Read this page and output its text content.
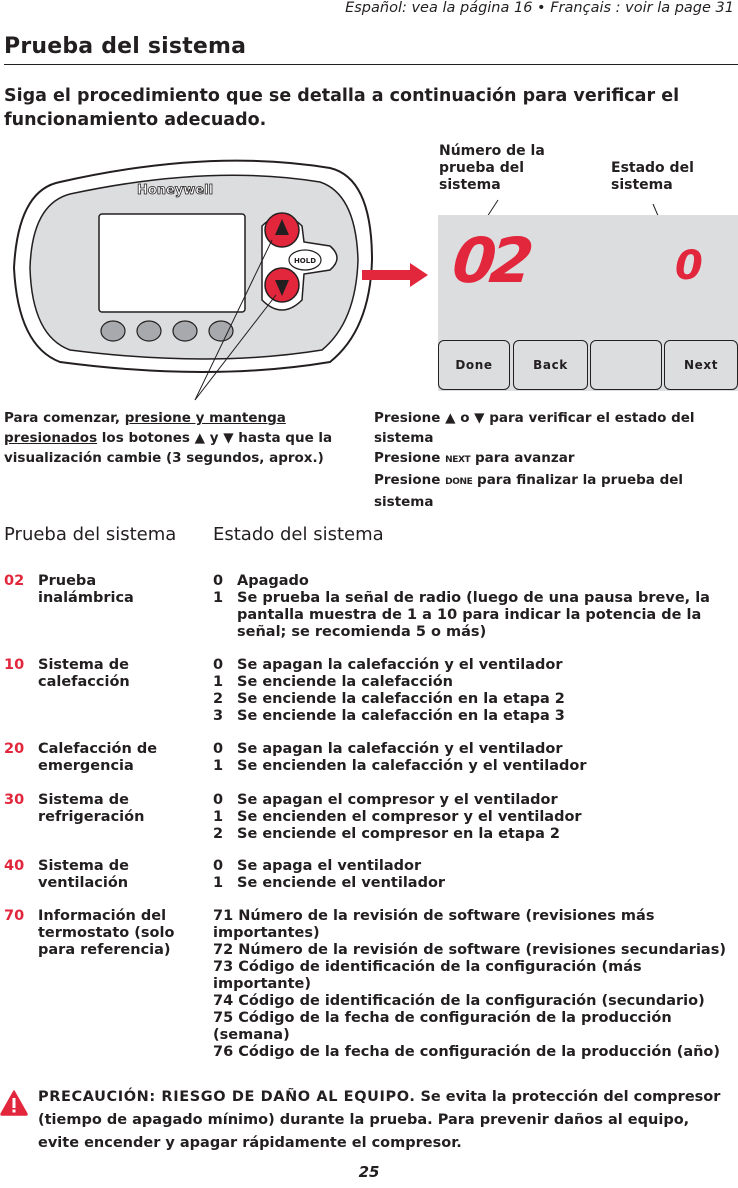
Español: vea la página 16 • Français : voir la page 31
Prueba del sistema
Siga el procedimiento que se detalla a continuación para verificar el funcionamiento adecuado.
Honeywell
HOLD
Número de la prueba del sistema
Estado del sistema
02	0
Done	Back	Next
Para comenzar, presione y mantenga
presionados los botones ▲ y ▼ hasta que la visualización cambie (3 segundos, aprox.)
Presione ▲ o ▼ para verificar el estado del sistema
Presione NEXT para avanzar
Presione DONE para finalizar la prueba del sistema
Prueba del sistema Estado del sistema
02 Prueba inalámbrica
0 Apagado
1 Se prueba la señal de radio (luego de una pausa breve, la pantalla muestra de 1 a 10 para indicar la potencia de la señal; se recomienda 5 o más)
10 Sistema de calefacción
0 Se apagan la calefacción y el ventilador
1 Se enciende la calefacción
2 Se enciende la calefacción en la etapa 2
3 Se enciende la calefacción en la etapa 3
20 Calefacción de emergencia
0 Se apagan la calefacción y el ventilador
1 Se encienden la calefacción y el ventilador
30 Sistema de refrigeración
0 Se apagan el compresor y el ventilador
1 Se encienden el compresor y el ventilador
2 Se enciende el compresor en la etapa 2
40 Sistema de ventilación
0 Se apaga el ventilador
1 Se enciende el ventilador
70 Información del termostato (solo para referencia)
71 Número de la revisión de software (revisiones más importantes)
72 Número de la revisión de software (revisiones secundarias)
73 Código de identificación de la configuración (más importante)
74 Código de identificación de la configuración (secundario)
75 Código de la fecha de configuración de la producción (semana)
76 Código de la fecha de configuración de la producción (año)
PRECAUCIÓN: RIESGO DE DAÑO AL EQUIPO. Se evita la protección del compresor (tiempo de apagado mínimo) durante la prueba. Para prevenir daños al equipo, evite encender y apagar rápidamente el compresor.
25
